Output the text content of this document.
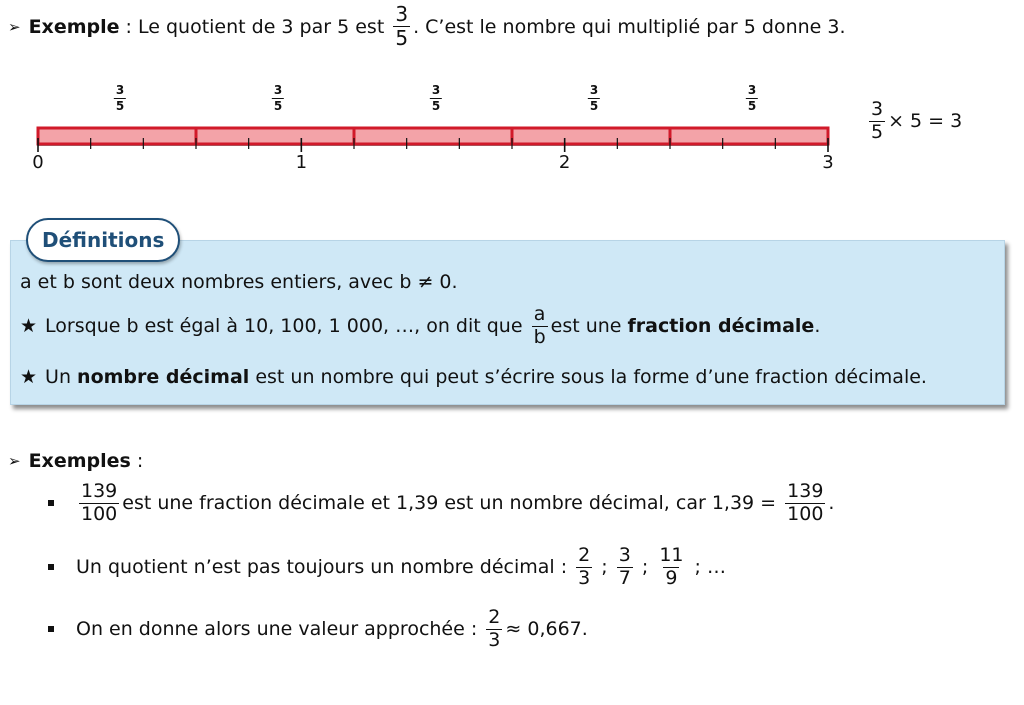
➢ Exemple : Le quotient de 3 par 5 est $\frac{3}{5}$ . C’est le nombre qui multiplié par 5 donne 3.
$\frac{3}{5}$	$\frac{3}{5}$	$\frac{3}{5}$	$\frac{3}{5}$	$\frac{3}{5}$
0	1	2	3
$\frac{3}{5} \times 5 = 3$
a et b sont deux nombres entiers, avec b ≠ 0.
★ Lorsque b est égal à 10, 100, 1 000, …, on dit que $\frac{a}{b}$ est une fraction décimale .
★ Un nombre décimal est un nombre qui peut s’écrire sous la forme d’une fraction décimale.
Définitions
➢ Exemples :
$\frac{139}{100}$ est une fraction décimale et 1,39 est un nombre décimal, car $1,39 = \frac{139}{100}$ .
Un quotient n’est pas toujours un nombre décimal : $\frac{2}{3}$ ; $\frac{3}{7}$ ; $\frac{11}{9}$ ; …
On en donne alors une valeur approchée : $\frac{2}{3} \approx 0,667$.
